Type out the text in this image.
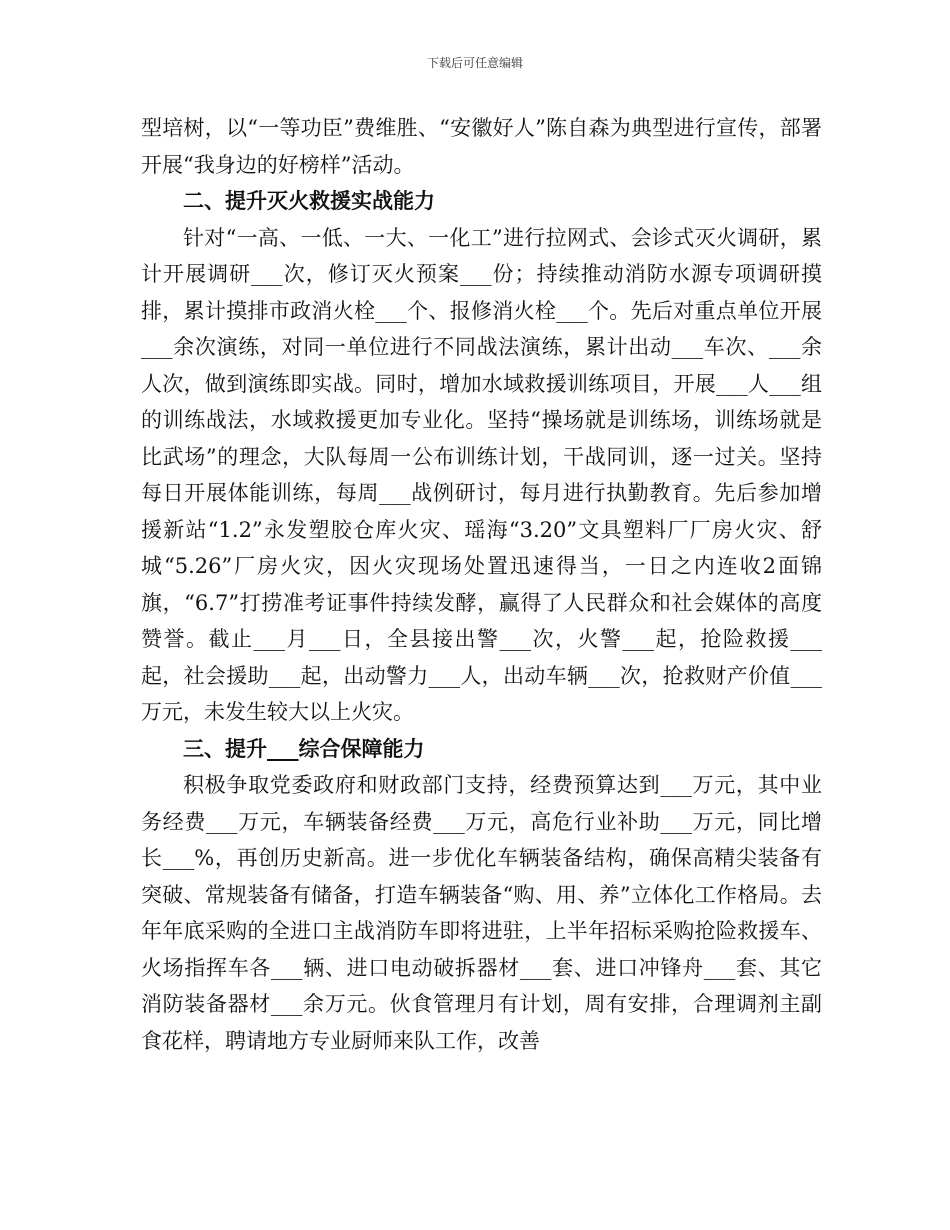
下载后可任意编辑

型培树，以“一等功臣”费维胜、“安徽好人”陈自森为典型进行宣传，部署开展“我身边的好榜样”活动。

二、提升灭火救援实战能力

针对“一高、一低、一大、一化工”进行拉网式、会诊式灭火调研，累计开展调研___次，修订灭火预案___份；持续推动消防水源专项调研摸排，累计摸排市政消火栓___个、报修消火栓___个。先后对重点单位开展___余次演练，对同一单位进行不同战法演练，累计出动___车次、___余人次，做到演练即实战。同时，增加水域救援训练项目，开展___人___组的训练战法，水域救援更加专业化。坚持“操场就是训练场，训练场就是比武场”的理念，大队每周一公布训练计划，干战同训，逐一过关。坚持每日开展体能训练，每周___战例研讨，每月进行执勤教育。先后参加增援新站“1.2”永发塑胶仓库火灾、瑶海“3.20”文具塑料厂厂房火灾、舒城“5.26”厂房火灾，因火灾现场处置迅速得当，一日之内连收2面锦旗，“6.7”打捞准考证事件持续发酵，赢得了人民群众和社会媒体的高度赞誉。截止___月___日，全县接出警___次，火警___起，抢险救援___起，社会援助___起，出动警力___人，出动车辆___次，抢救财产价值___万元，未发生较大以上火灾。

三、提升___综合保障能力

积极争取党委政府和财政部门支持，经费预算达到___万元，其中业务经费___万元，车辆装备经费___万元，高危行业补助___万元，同比增长___%，再创历史新高。进一步优化车辆装备结构，确保高精尖装备有突破、常规装备有储备，打造车辆装备“购、用、养”立体化工作格局。去年年底采购的全进口主战消防车即将进驻，上半年招标采购抢险救援车、火场指挥车各___辆、进口电动破拆器材___套、进口冲锋舟___套、其它消防装备器材___余万元。伙食管理月有计划，周有安排，合理调剂主副食花样，聘请地方专业厨师来队工作，改善
